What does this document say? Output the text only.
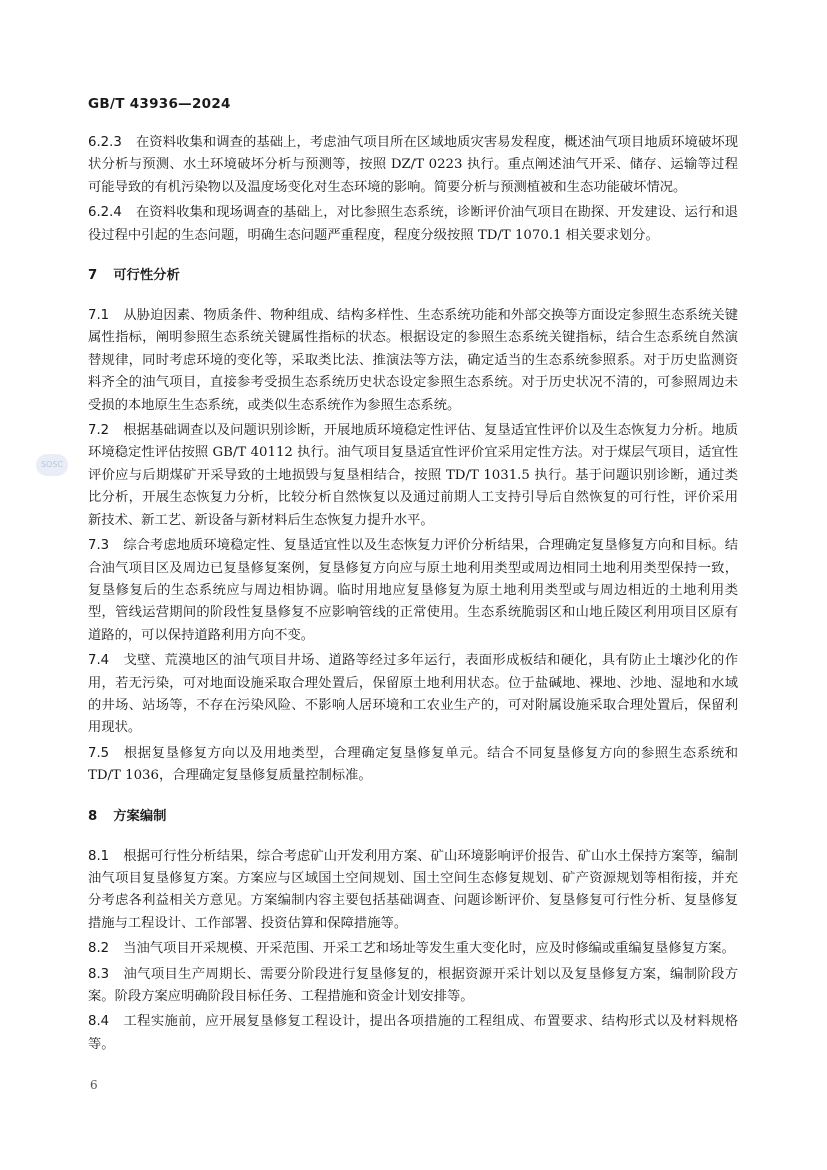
GB/T 43936—2024
SOSC

6.2.3 在资料收集和调查的基础上，考虑油气项目所在区域地质灾害易发程度，概述油气项目地质环境破坏现状分析与预测、水土环境破坏分析与预测等，按照 DZ/T 0223 执行。重点阐述油气开采、储存、运输等过程可能导致的有机污染物以及温度场变化对生态环境的影响。简要分析与预测植被和生态功能破坏情况。

6.2.4 在资料收集和现场调查的基础上，对比参照生态系统，诊断评价油气项目在勘探、开发建设、运行和退役过程中引起的生态问题，明确生态问题严重程度，程度分级按照 TD/T 1070.1 相关要求划分。

7 可行性分析

7.1 从胁迫因素、物质条件、物种组成、结构多样性、生态系统功能和外部交换等方面设定参照生态系统关键属性指标，阐明参照生态系统关键属性指标的状态。根据设定的参照生态系统关键指标，结合生态系统自然演替规律，同时考虑环境的变化等，采取类比法、推演法等方法，确定适当的生态系统参照系。对于历史监测资料齐全的油气项目，直接参考受损生态系统历史状态设定参照生态系统。对于历史状况不清的，可参照周边未受损的本地原生生态系统，或类似生态系统作为参照生态系统。

7.2 根据基础调查以及问题识别诊断，开展地质环境稳定性评估、复垦适宜性评价以及生态恢复力分析。地质环境稳定性评估按照 GB/T 40112 执行。油气项目复垦适宜性评价宜采用定性方法。对于煤层气项目，适宜性评价应与后期煤矿开采导致的土地损毁与复垦相结合，按照 TD/T 1031.5 执行。基于问题识别诊断，通过类比分析，开展生态恢复力分析，比较分析自然恢复以及通过前期人工支持引导后自然恢复的可行性，评价采用新技术、新工艺、新设备与新材料后生态恢复力提升水平。

7.3 综合考虑地质环境稳定性、复垦适宜性以及生态恢复力评价分析结果，合理确定复垦修复方向和目标。结合油气项目区及周边已复垦修复案例，复垦修复方向应与原土地利用类型或周边相同土地利用类型保持一致，复垦修复后的生态系统应与周边相协调。临时用地应复垦修复为原土地利用类型或与周边相近的土地利用类型，管线运营期间的阶段性复垦修复不应影响管线的正常使用。生态系统脆弱区和山地丘陵区利用项目区原有道路的，可以保持道路利用方向不变。

7.4 戈壁、荒漠地区的油气项目井场、道路等经过多年运行，表面形成板结和硬化，具有防止土壤沙化的作用，若无污染，可对地面设施采取合理处置后，保留原土地利用状态。位于盐碱地、裸地、沙地、湿地和水域的井场、站场等，不存在污染风险、不影响人居环境和工农业生产的，可对附属设施采取合理处置后，保留利用现状。

7.5 根据复垦修复方向以及用地类型，合理确定复垦修复单元。结合不同复垦修复方向的参照生态系统和 TD/T 1036，合理确定复垦修复质量控制标准。

8 方案编制

8.1 根据可行性分析结果，综合考虑矿山开发利用方案、矿山环境影响评价报告、矿山水土保持方案等，编制油气项目复垦修复方案。方案应与区域国土空间规划、国土空间生态修复规划、矿产资源规划等相衔接，并充分考虑各利益相关方意见。方案编制内容主要包括基础调查、问题诊断评价、复垦修复可行性分析、复垦修复措施与工程设计、工作部署、投资估算和保障措施等。

8.2 当油气项目开采规模、开采范围、开采工艺和场址等发生重大变化时，应及时修编或重编复垦修复方案。

8.3 油气项目生产周期长、需要分阶段进行复垦修复的，根据资源开采计划以及复垦修复方案，编制阶段方案。阶段方案应明确阶段目标任务、工程措施和资金计划安排等。

8.4 工程实施前，应开展复垦修复工程设计，提出各项措施的工程组成、布置要求、结构形式以及材料规格等。

6
